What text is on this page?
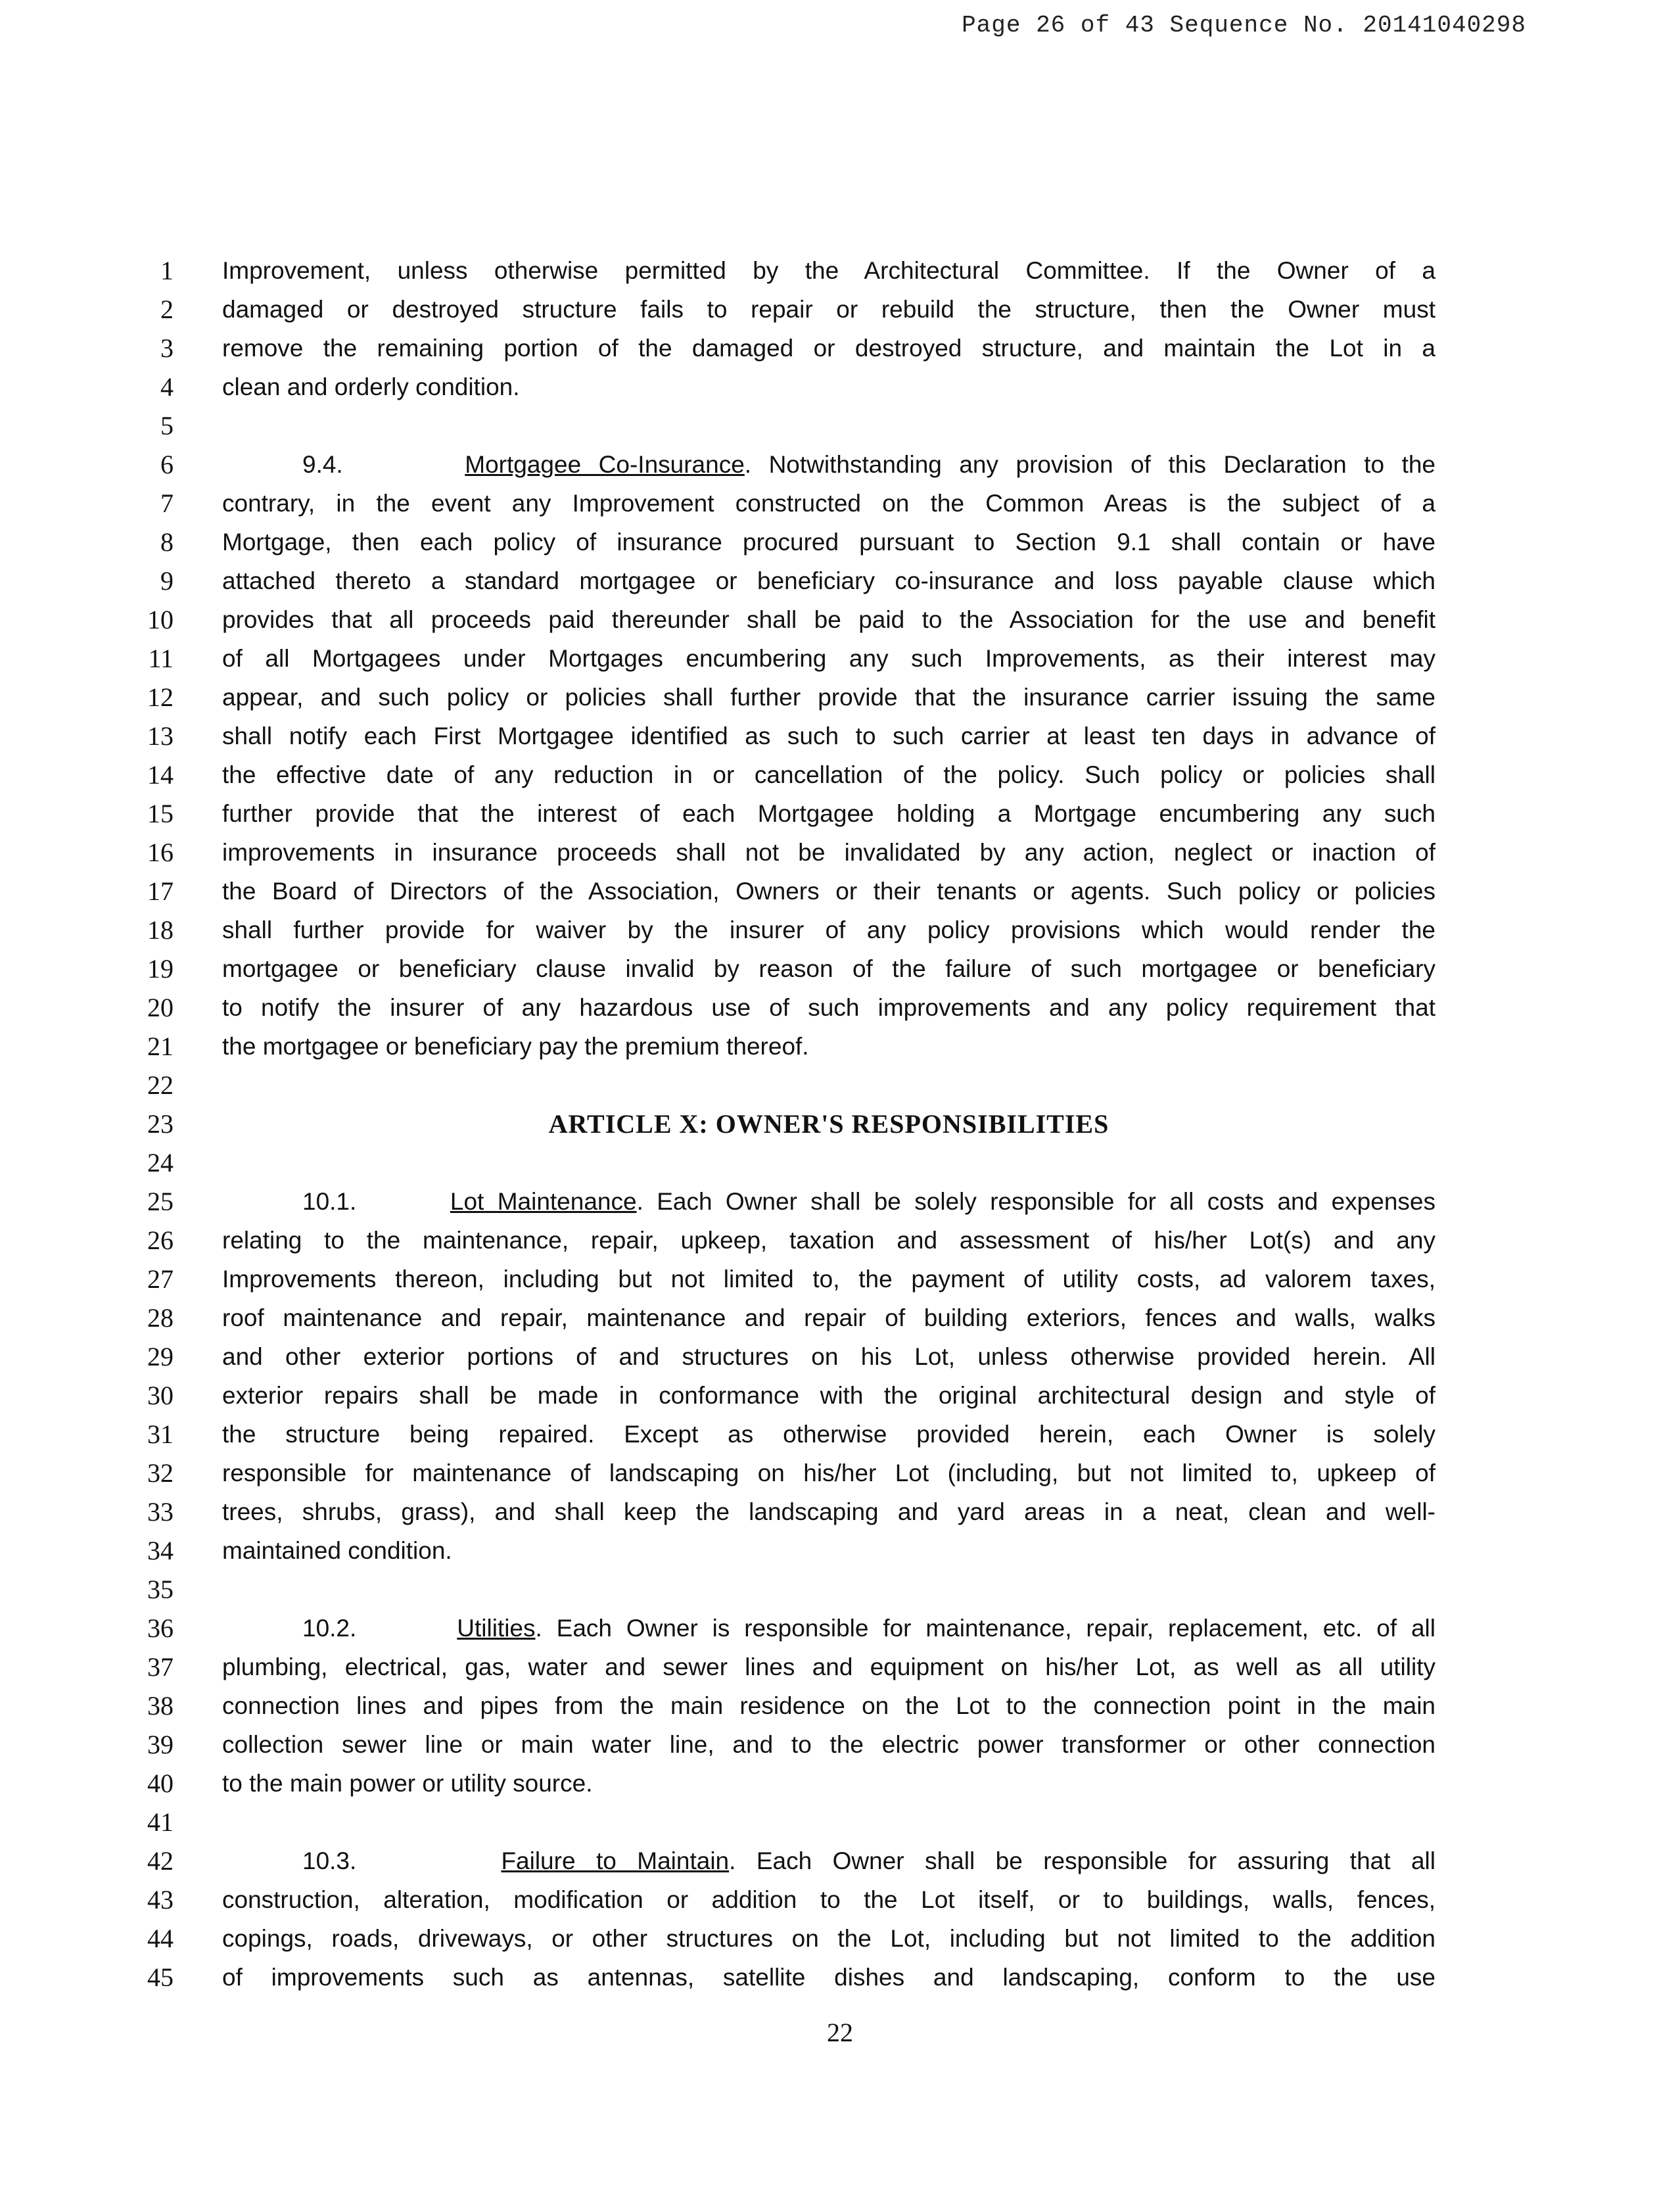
Page 26 of 43 Sequence No. 20141040298
1 Improvement, unless otherwise permitted by the Architectural Committee. If the Owner of a
2 damaged or destroyed structure fails to repair or rebuild the structure, then the Owner must
3 remove the remaining portion of the damaged or destroyed structure, and maintain the Lot in a
4 clean and orderly condition.
5
6	9.4.	Mortgagee Co-Insurance. Notwithstanding any provision of this Declaration to the
7 contrary, in the event any Improvement constructed on the Common Areas is the subject of a
8 Mortgage, then each policy of insurance procured pursuant to Section 9.1 shall contain or have
9 attached thereto a standard mortgagee or beneficiary co-insurance and loss payable clause which
10 provides that all proceeds paid thereunder shall be paid to the Association for the use and benefit
11 of all Mortgagees under Mortgages encumbering any such Improvements, as their interest may
12 appear, and such policy or policies shall further provide that the insurance carrier issuing the same
13 shall notify each First Mortgagee identified as such to such carrier at least ten days in advance of
14 the effective date of any reduction in or cancellation of the policy. Such policy or policies shall
15 further provide that the interest of each Mortgagee holding a Mortgage encumbering any such
16 improvements in insurance proceeds shall not be invalidated by any action, neglect or inaction of
17 the Board of Directors of the Association, Owners or their tenants or agents. Such policy or policies
18 shall further provide for waiver by the insurer of any policy provisions which would render the
19 mortgagee or beneficiary clause invalid by reason of the failure of such mortgagee or beneficiary
20 to notify the insurer of any hazardous use of such improvements and any policy requirement that
21 the mortgagee or beneficiary pay the premium thereof.
22
23	ARTICLE X: OWNER'S RESPONSIBILITIES
24
25	10.1.	Lot Maintenance. Each Owner shall be solely responsible for all costs and expenses
26 relating to the maintenance, repair, upkeep, taxation and assessment of his/her Lot(s) and any
27 Improvements thereon, including but not limited to, the payment of utility costs, ad valorem taxes,
28 roof maintenance and repair, maintenance and repair of building exteriors, fences and walls, walks
29 and other exterior portions of and structures on his Lot, unless otherwise provided herein. All
30 exterior repairs shall be made in conformance with the original architectural design and style of
31 the structure being repaired. Except as otherwise provided herein, each Owner is solely
32 responsible for maintenance of landscaping on his/her Lot (including, but not limited to, upkeep of
33 trees, shrubs, grass), and shall keep the landscaping and yard areas in a neat, clean and well-
34 maintained condition.
35
36	10.2.	Utilities. Each Owner is responsible for maintenance, repair, replacement, etc. of all
37 plumbing, electrical, gas, water and sewer lines and equipment on his/her Lot, as well as all utility
38 connection lines and pipes from the main residence on the Lot to the connection point in the main
39 collection sewer line or main water line, and to the electric power transformer or other connection
40 to the main power or utility source.
41
42	10.3.	Failure to Maintain. Each Owner shall be responsible for assuring that all
43 construction, alteration, modification or addition to the Lot itself, or to buildings, walls, fences,
44 copings, roads, driveways, or other structures on the Lot, including but not limited to the addition
45 of improvements such as antennas, satellite dishes and landscaping, conform to the use
22
